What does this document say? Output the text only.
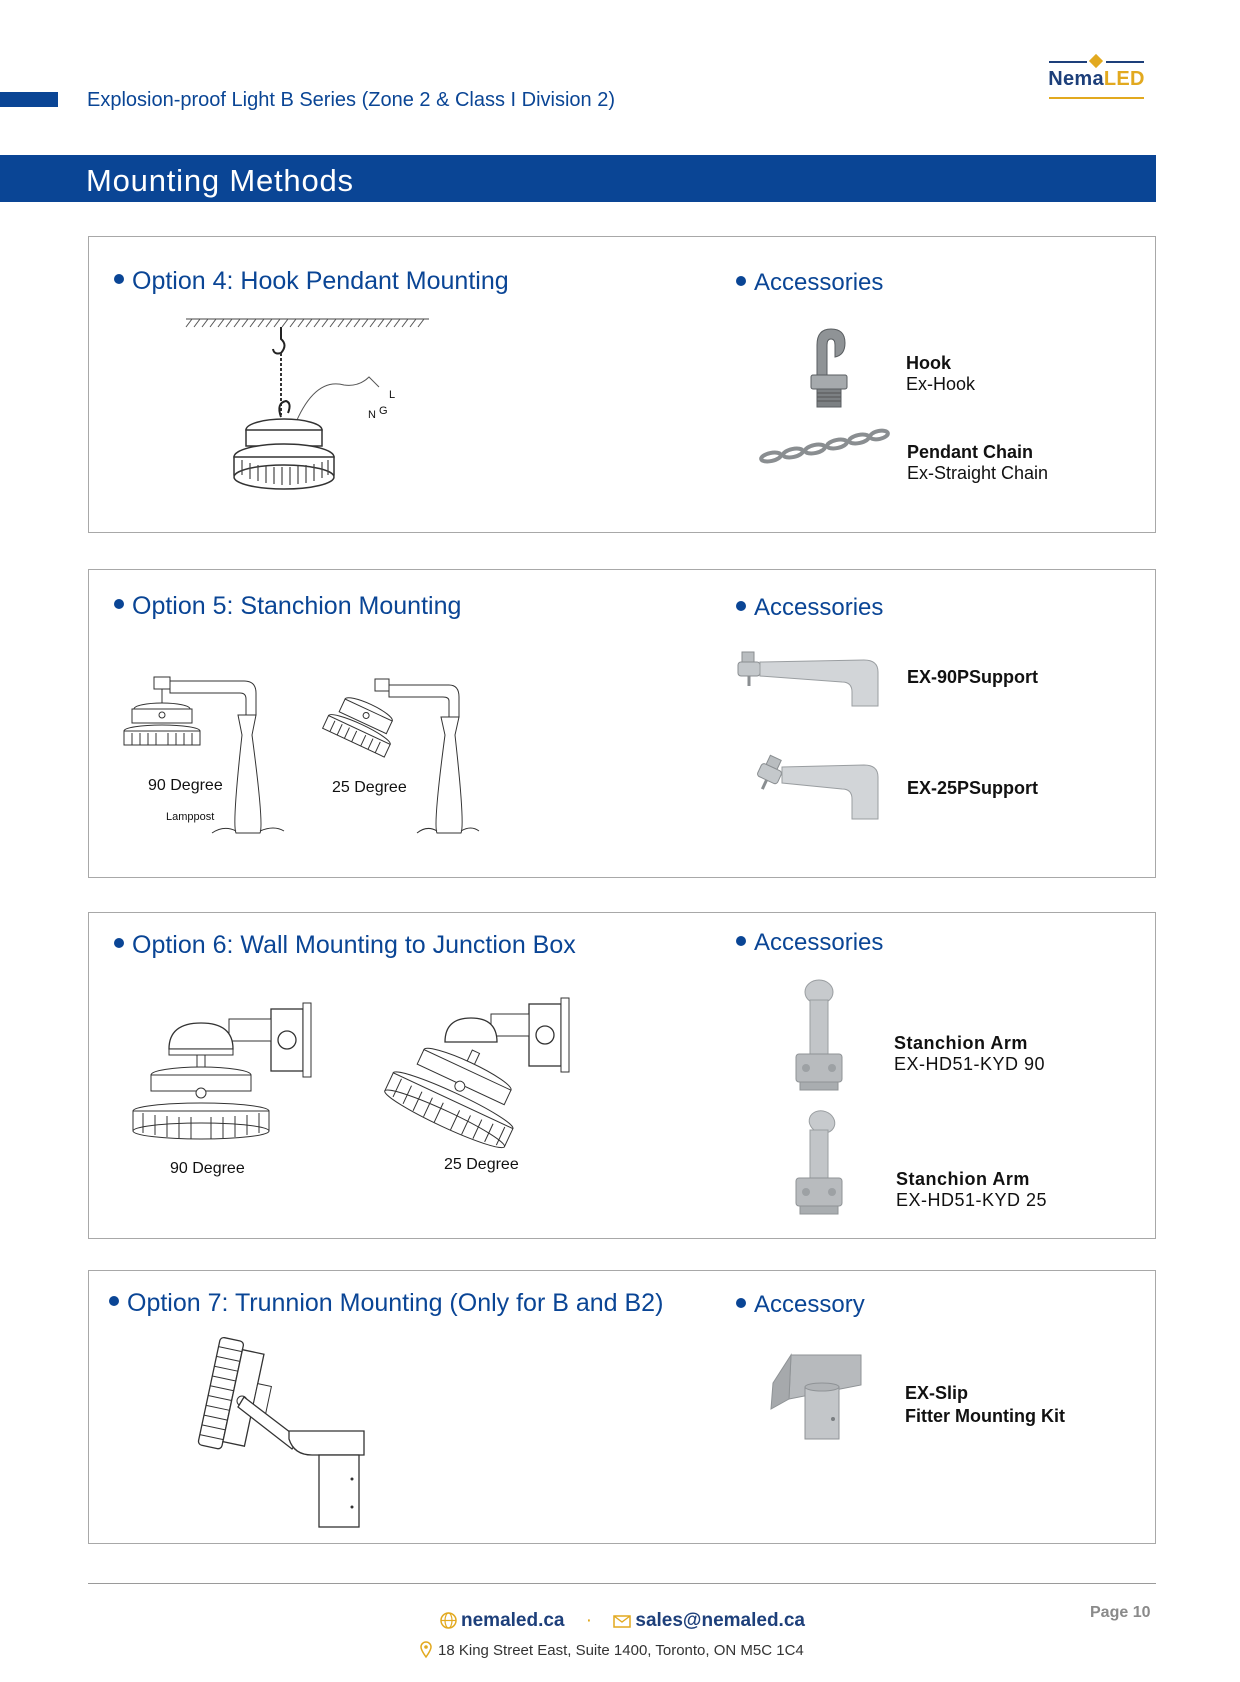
Explosion-proof Light B Series (Zone 2 & Class I Division 2)
NemaLED
Mounting Methods
Option 4: Hook Pendant Mounting	Accessories
L
N G
Hook
Ex-Hook
Pendant Chain
Ex-Straight Chain
Option 5: Stanchion Mounting	Accessories
90 Degree
Lamppost
25 Degree
EX-90PSupport
EX-25PSupport
Option 6: Wall Mounting to Junction Box	Accessories
90 Degree	25 Degree
Stanchion Arm
EX-HD51-KYD 90
Stanchion Arm
EX-HD51-KYD 25
Option 7: Trunnion Mounting (Only for B and B2)	Accessory
EX-Slip
Fitter Mounting Kit
Page 10
nemaled.ca · sales@nemaled.ca
18 King Street East, Suite 1400, Toronto, ON M5C 1C4
